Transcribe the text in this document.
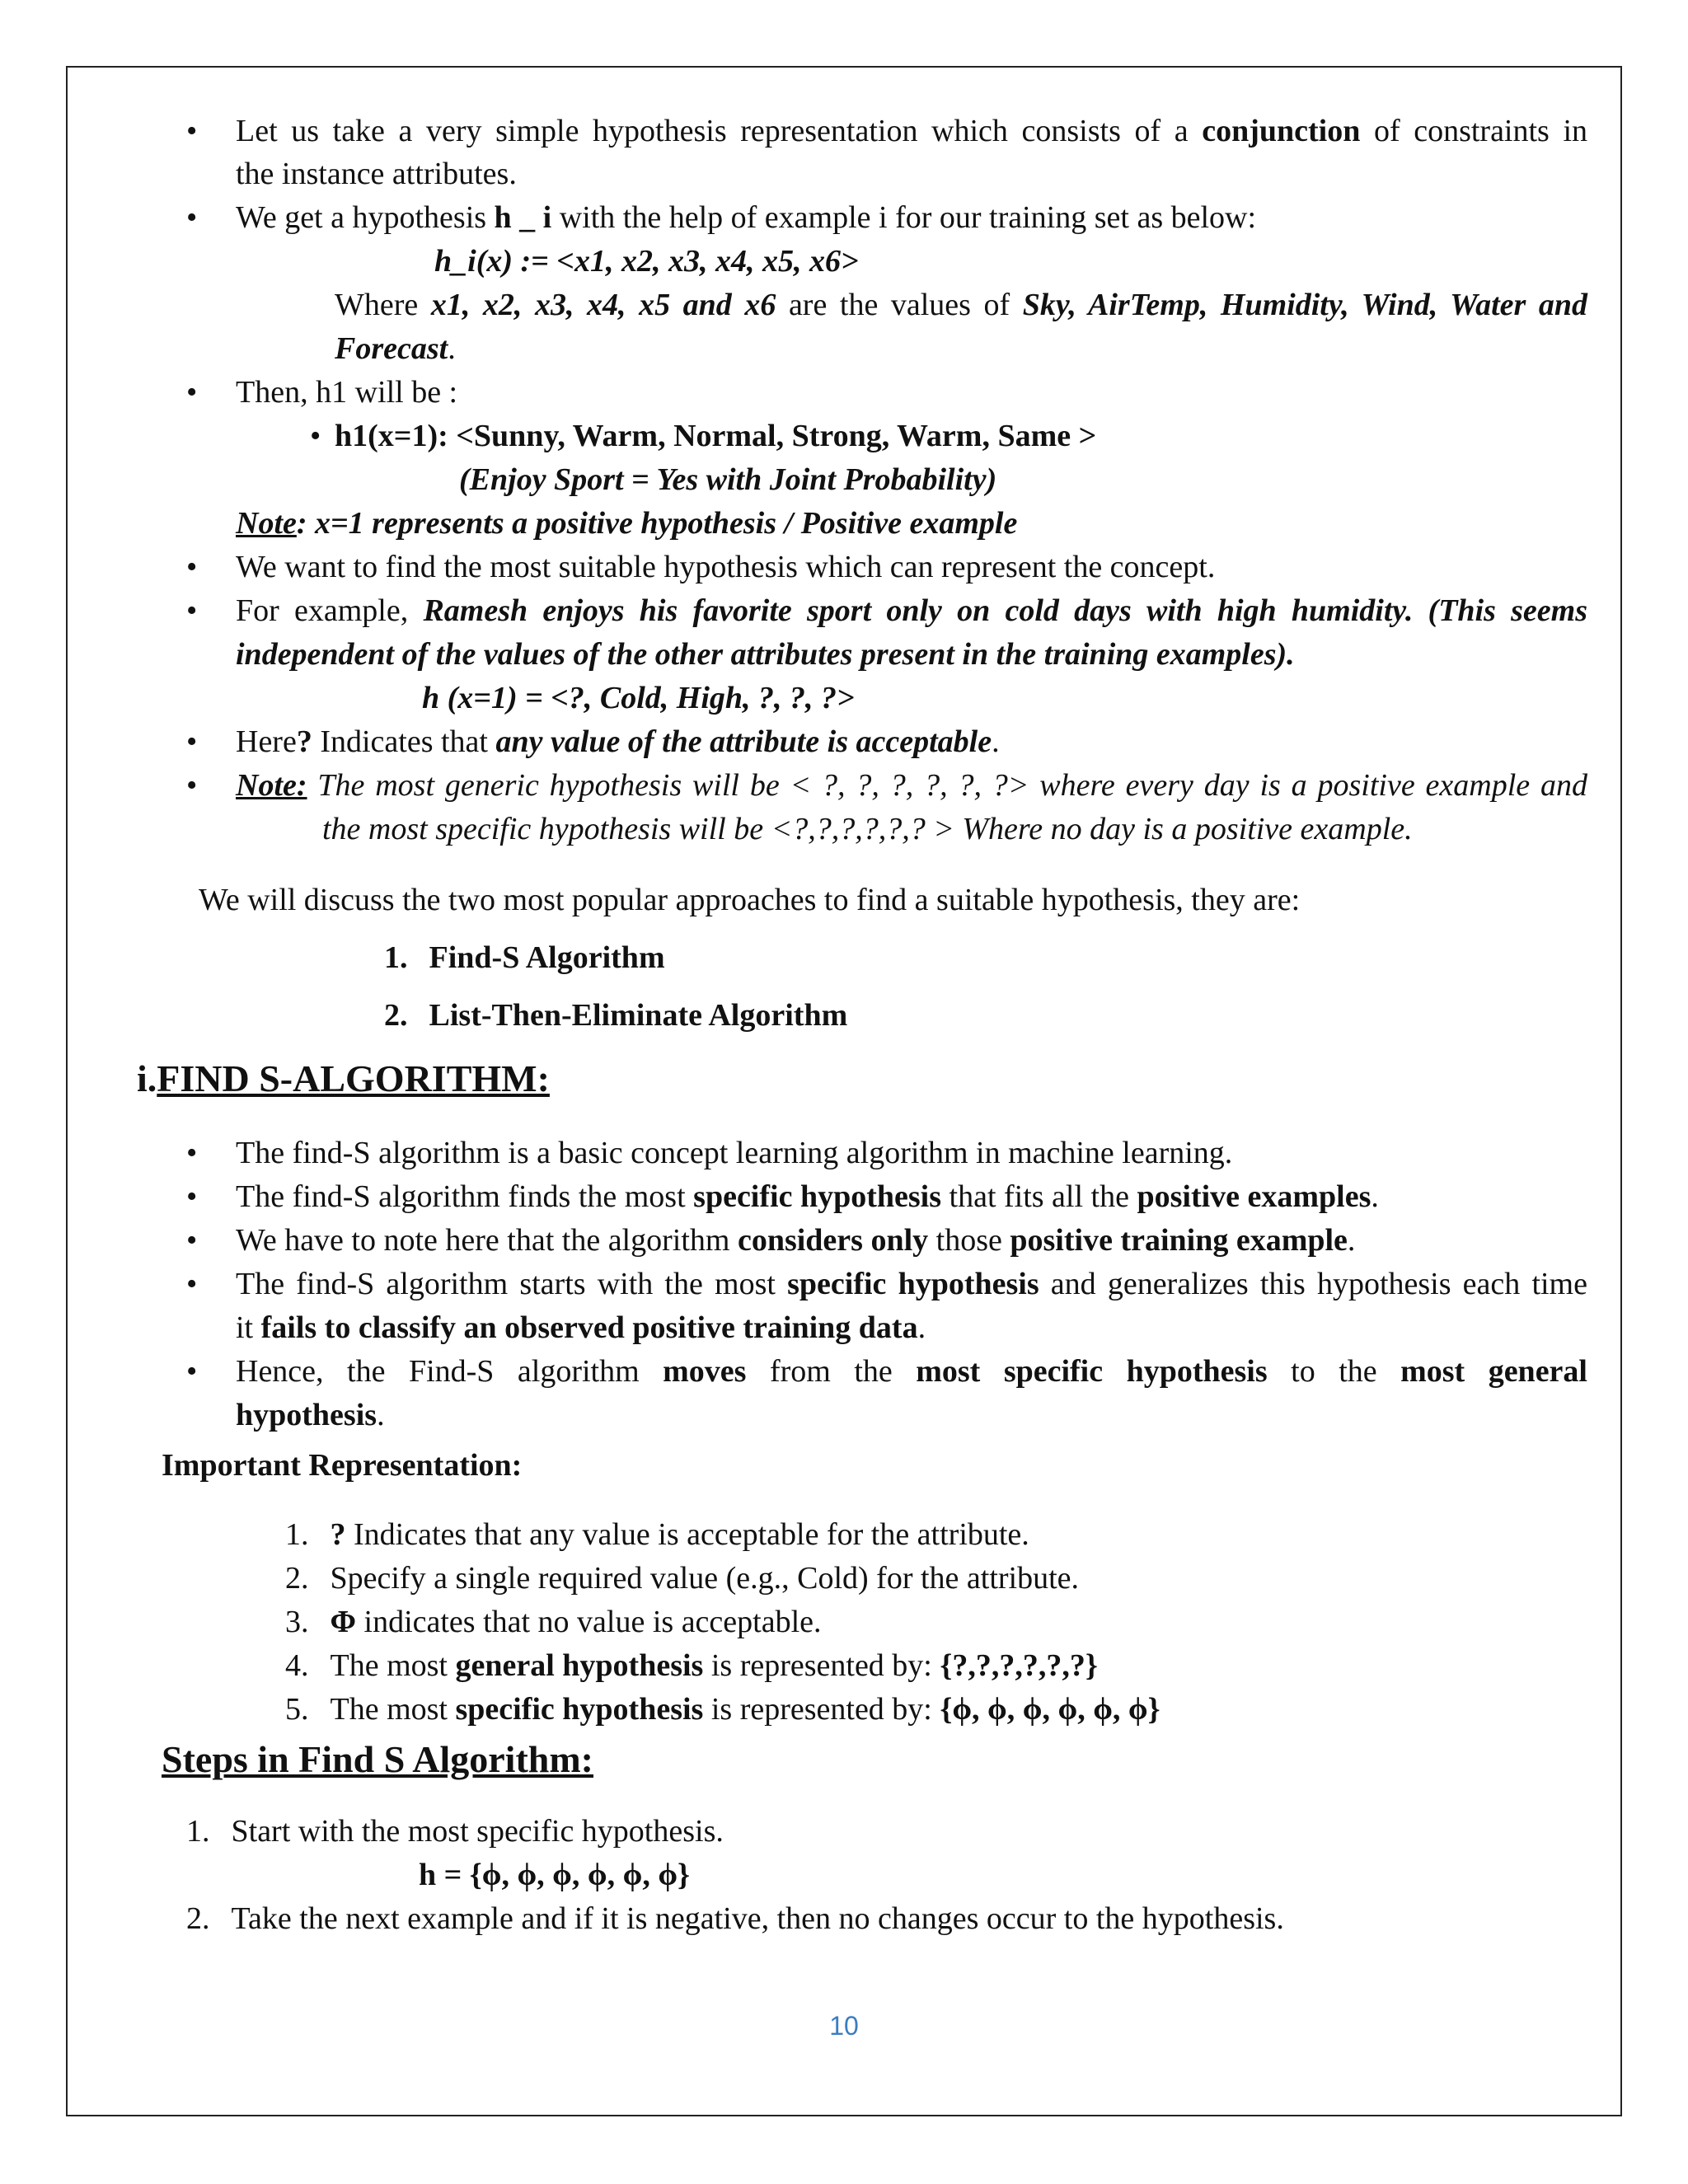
• Let us take a very simple hypothesis representation which consists of a conjunction of constraints in
the instance attributes.
• We get a hypothesis h _ i with the help of example i for our training set as below:
h_i(x) := <x1, x2, x3, x4, x5, x6>
Where x1, x2, x3, x4, x5 and x6 are the values of Sky, AirTemp, Humidity, Wind, Water and
Forecast.
• Then, h1 will be :
• h1(x=1): <Sunny, Warm, Normal, Strong, Warm, Same >
(Enjoy Sport = Yes with Joint Probability)
Note: x=1 represents a positive hypothesis / Positive example
• We want to find the most suitable hypothesis which can represent the concept.
• For example, Ramesh enjoys his favorite sport only on cold days with high humidity. (This seems
independent of the values of the other attributes present in the training examples).
h (x=1) = <?, Cold, High, ?, ?, ?>
• Here? Indicates that any value of the attribute is acceptable.
• Note: The most generic hypothesis will be < ?, ?, ?, ?, ?, ?> where every day is a positive example and
the most specific hypothesis will be <?,?,?,?,?,? > Where no day is a positive example.
We will discuss the two most popular approaches to find a suitable hypothesis, they are:
1. Find-S Algorithm
2. List-Then-Eliminate Algorithm
i.FIND S-ALGORITHM:
• The find-S algorithm is a basic concept learning algorithm in machine learning.
• The find-S algorithm finds the most specific hypothesis that fits all the positive examples.
• We have to note here that the algorithm considers only those positive training example.
• The find-S algorithm starts with the most specific hypothesis and generalizes this hypothesis each time
it fails to classify an observed positive training data.
• Hence, the Find-S algorithm moves from the most specific hypothesis to the most general
hypothesis.
Important Representation:
1. ? Indicates that any value is acceptable for the attribute.
2. Specify a single required value (e.g., Cold) for the attribute.
3. Φ indicates that no value is acceptable.
4. The most general hypothesis is represented by: {?,?,?,?,?,?}
5. The most specific hypothesis is represented by: {ϕ, ϕ, ϕ, ϕ, ϕ, ϕ}
Steps in Find S Algorithm:
1. Start with the most specific hypothesis.
h = {ϕ, ϕ, ϕ, ϕ, ϕ, ϕ}
2. Take the next example and if it is negative, then no changes occur to the hypothesis.
10
